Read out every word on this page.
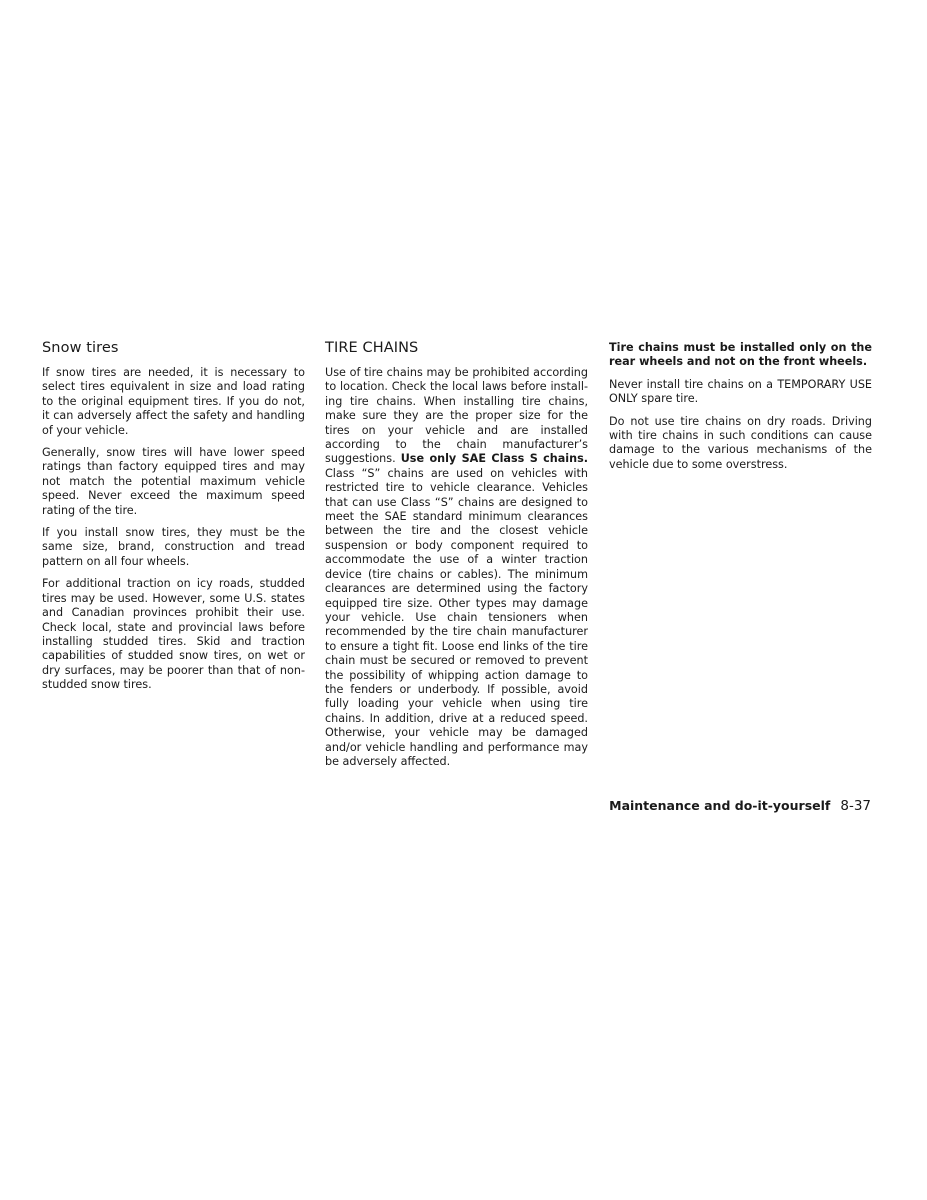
Snow tires

If snow tires are needed, it is necessary to select tires equivalent in size and load rating to the original equipment tires. If you do not, it can adversely affect the safety and handling of your vehicle.

Generally, snow tires will have lower speed ratings than factory equipped tires and may not match the potential maximum vehicle speed. Never exceed the maximum speed rating of the tire.

If you install snow tires, they must be the same size, brand, construction and tread pattern on all four wheels.

For additional traction on icy roads, studded tires may be used. However, some U.S. states and Canadian provinces prohibit their use. Check local, state and provincial laws before installing studded tires. Skid and traction capabilities of studded snow tires, on wet or dry surfaces, may be poorer than that of non-studded snow tires.

TIRE CHAINS

Use of tire chains may be prohibited according to location. Check the local laws before installing tire chains. When installing tire chains, make sure they are the proper size for the tires on your vehicle and are installed according to the chain manufacturer’s suggestions. Use only SAE Class S chains. Class “S” chains are used on vehicles with restricted tire to vehicle clearance. Vehicles that can use Class “S” chains are designed to meet the SAE standard minimum clearances between the tire and the closest vehicle suspension or body component required to accommodate the use of a winter traction device (tire chains or cables). The minimum clearances are determined using the factory equipped tire size. Other types may damage your vehicle. Use chain tensioners when recommended by the tire chain manufacturer to ensure a tight fit. Loose end links of the tire chain must be secured or removed to prevent the possibility of whipping action damage to the fenders or underbody. If possible, avoid fully loading your vehicle when using tire chains. In addition, drive at a reduced speed. Otherwise, your vehicle may be damaged and/or vehicle handling and performance may be adversely affected.

Tire chains must be installed only on the rear wheels and not on the front wheels.

Never install tire chains on a TEMPORARY USE ONLY spare tire.

Do not use tire chains on dry roads. Driving with tire chains in such conditions can cause damage to the various mechanisms of the vehicle due to some overstress.

Maintenance and do-it-yourself 8-37
